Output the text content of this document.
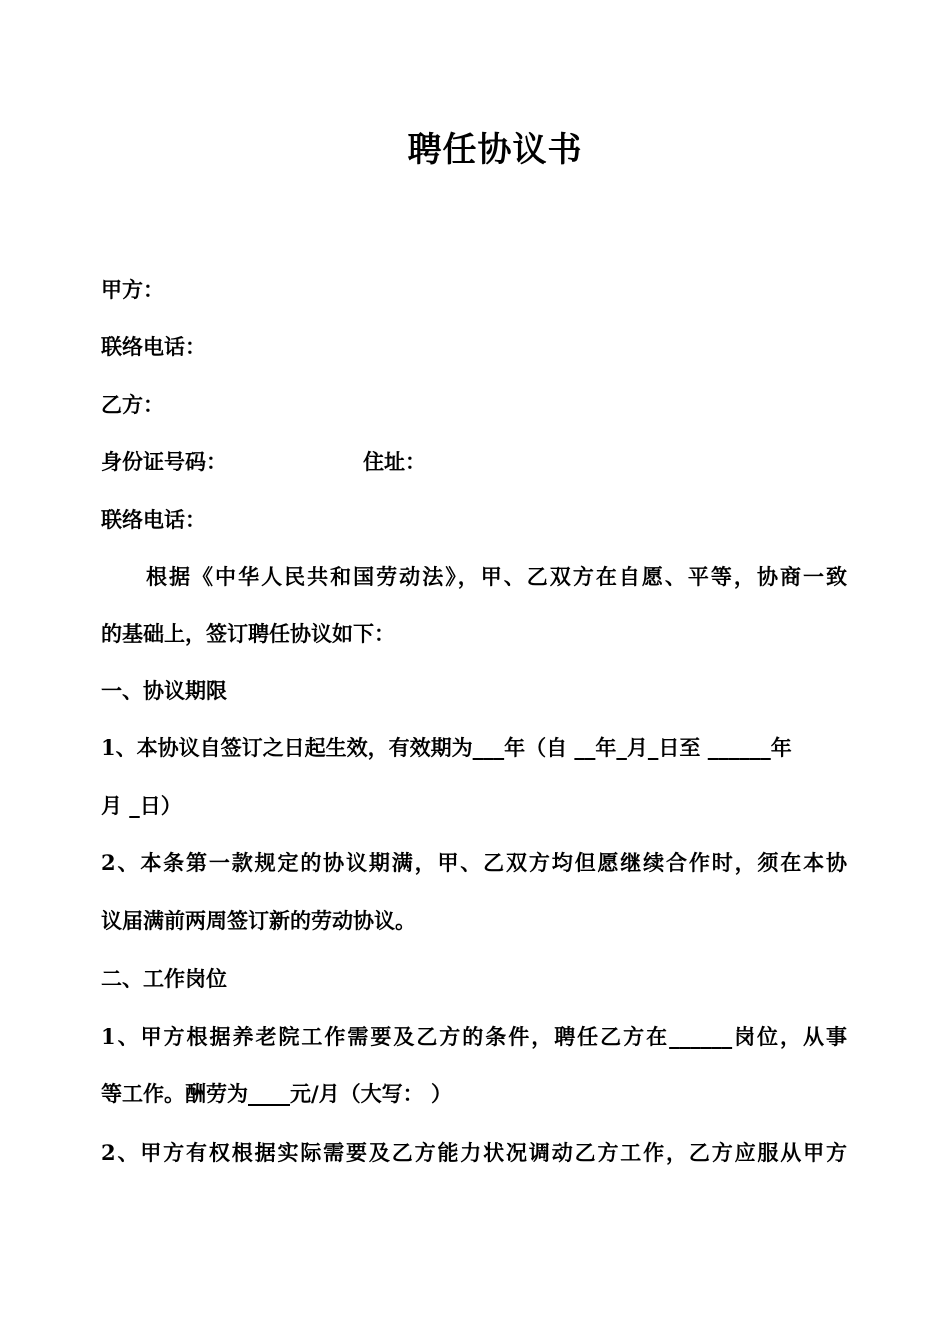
聘任协议书
甲方：
联络电话：
乙方：
身份证号码：	住址：
联络电话：
根据《中华人民共和国劳动法》，甲、乙双方在自愿、平等，协商一致
的基础上，签订聘任协议如下：
一、协议期限
1、本协议自签订之日起生效，有效期为___年（自 __年_月_日至 ______年
月 _日）
2、本条第一款规定的协议期满，甲、乙双方均但愿继续合作时，须在本协
议届满前两周签订新的劳动协议。
二、工作岗位
1、甲方根据养老院工作需要及乙方的条件，聘任乙方在______岗位，从事
等工作。酬劳为____元/月（大写： ）
2、甲方有权根据实际需要及乙方能力状况调动乙方工作，乙方应服从甲方
